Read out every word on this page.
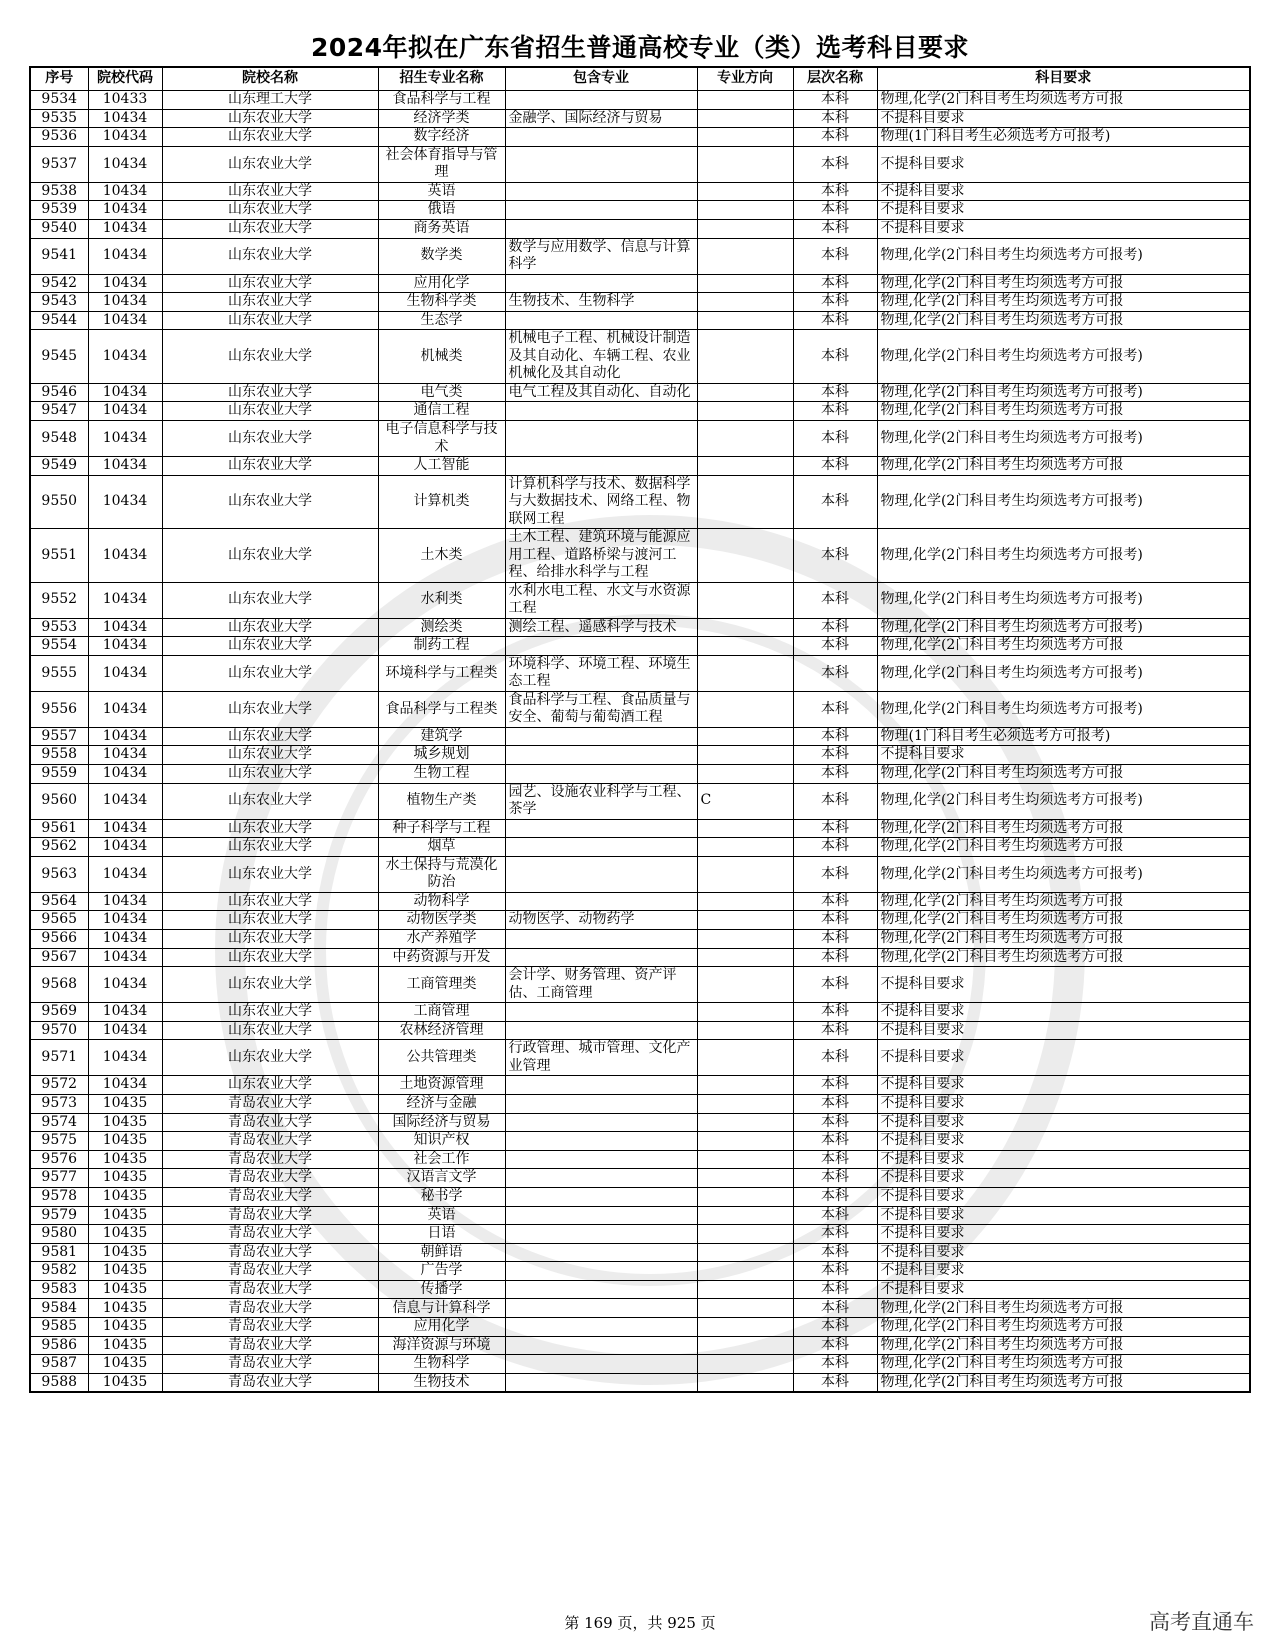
2024年拟在广东省招生普通高校专业（类）选考科目要求
序号	院校代码	院校名称	招生专业名称	包含专业	专业方向	层次名称	科目要求
9534	10433	山东理工大学	食品科学与工程			本科	物理,化学(2门科目考生均须选考方可报
9535	10434	山东农业大学	经济学类	金融学、国际经济与贸易		本科	不提科目要求
9536	10434	山东农业大学	数字经济			本科	物理(1门科目考生必须选考方可报考)
9537	10434	山东农业大学	社会体育指导与管理			本科	不提科目要求
9538	10434	山东农业大学	英语			本科	不提科目要求
9539	10434	山东农业大学	俄语			本科	不提科目要求
9540	10434	山东农业大学	商务英语			本科	不提科目要求
9541	10434	山东农业大学	数学类	数学与应用数学、信息与计算科学		本科	物理,化学(2门科目考生均须选考方可报考)
9542	10434	山东农业大学	应用化学			本科	物理,化学(2门科目考生均须选考方可报
9543	10434	山东农业大学	生物科学类	生物技术、生物科学		本科	物理,化学(2门科目考生均须选考方可报
9544	10434	山东农业大学	生态学			本科	物理,化学(2门科目考生均须选考方可报
9545	10434	山东农业大学	机械类	机械电子工程、机械设计制造及其自动化、车辆工程、农业机械化及其自动化		本科	物理,化学(2门科目考生均须选考方可报考)
9546	10434	山东农业大学	电气类	电气工程及其自动化、自动化		本科	物理,化学(2门科目考生均须选考方可报考)
9547	10434	山东农业大学	通信工程			本科	物理,化学(2门科目考生均须选考方可报
9548	10434	山东农业大学	电子信息科学与技术			本科	物理,化学(2门科目考生均须选考方可报考)
9549	10434	山东农业大学	人工智能			本科	物理,化学(2门科目考生均须选考方可报
9550	10434	山东农业大学	计算机类	计算机科学与技术、数据科学与大数据技术、网络工程、物联网工程		本科	物理,化学(2门科目考生均须选考方可报考)
9551	10434	山东农业大学	土木类	土木工程、建筑环境与能源应用工程、道路桥梁与渡河工程、给排水科学与工程		本科	物理,化学(2门科目考生均须选考方可报考)
9552	10434	山东农业大学	水利类	水利水电工程、水文与水资源工程		本科	物理,化学(2门科目考生均须选考方可报考)
9553	10434	山东农业大学	测绘类	测绘工程、遥感科学与技术		本科	物理,化学(2门科目考生均须选考方可报考)
9554	10434	山东农业大学	制药工程			本科	物理,化学(2门科目考生均须选考方可报
9555	10434	山东农业大学	环境科学与工程类	环境科学、环境工程、环境生态工程		本科	物理,化学(2门科目考生均须选考方可报考)
9556	10434	山东农业大学	食品科学与工程类	食品科学与工程、食品质量与安全、葡萄与葡萄酒工程		本科	物理,化学(2门科目考生均须选考方可报考)
9557	10434	山东农业大学	建筑学			本科	物理(1门科目考生必须选考方可报考)
9558	10434	山东农业大学	城乡规划			本科	不提科目要求
9559	10434	山东农业大学	生物工程			本科	物理,化学(2门科目考生均须选考方可报
9560	10434	山东农业大学	植物生产类	园艺、设施农业科学与工程、茶学	C	本科	物理,化学(2门科目考生均须选考方可报考)
9561	10434	山东农业大学	种子科学与工程			本科	物理,化学(2门科目考生均须选考方可报
9562	10434	山东农业大学	烟草			本科	物理,化学(2门科目考生均须选考方可报
9563	10434	山东农业大学	水土保持与荒漠化防治			本科	物理,化学(2门科目考生均须选考方可报考)
9564	10434	山东农业大学	动物科学			本科	物理,化学(2门科目考生均须选考方可报
9565	10434	山东农业大学	动物医学类	动物医学、动物药学		本科	物理,化学(2门科目考生均须选考方可报
9566	10434	山东农业大学	水产养殖学			本科	物理,化学(2门科目考生均须选考方可报
9567	10434	山东农业大学	中药资源与开发			本科	物理,化学(2门科目考生均须选考方可报
9568	10434	山东农业大学	工商管理类	会计学、财务管理、资产评估、工商管理		本科	不提科目要求
9569	10434	山东农业大学	工商管理			本科	不提科目要求
9570	10434	山东农业大学	农林经济管理			本科	不提科目要求
9571	10434	山东农业大学	公共管理类	行政管理、城市管理、文化产业管理		本科	不提科目要求
9572	10434	山东农业大学	土地资源管理			本科	不提科目要求
9573	10435	青岛农业大学	经济与金融			本科	不提科目要求
9574	10435	青岛农业大学	国际经济与贸易			本科	不提科目要求
9575	10435	青岛农业大学	知识产权			本科	不提科目要求
9576	10435	青岛农业大学	社会工作			本科	不提科目要求
9577	10435	青岛农业大学	汉语言文学			本科	不提科目要求
9578	10435	青岛农业大学	秘书学			本科	不提科目要求
9579	10435	青岛农业大学	英语			本科	不提科目要求
9580	10435	青岛农业大学	日语			本科	不提科目要求
9581	10435	青岛农业大学	朝鲜语			本科	不提科目要求
9582	10435	青岛农业大学	广告学			本科	不提科目要求
9583	10435	青岛农业大学	传播学			本科	不提科目要求
9584	10435	青岛农业大学	信息与计算科学			本科	物理,化学(2门科目考生均须选考方可报
9585	10435	青岛农业大学	应用化学			本科	物理,化学(2门科目考生均须选考方可报
9586	10435	青岛农业大学	海洋资源与环境			本科	物理,化学(2门科目考生均须选考方可报
9587	10435	青岛农业大学	生物科学			本科	物理,化学(2门科目考生均须选考方可报
9588	10435	青岛农业大学	生物技术			本科	物理,化学(2门科目考生均须选考方可报
第 169 页，共 925 页	高考直通车
